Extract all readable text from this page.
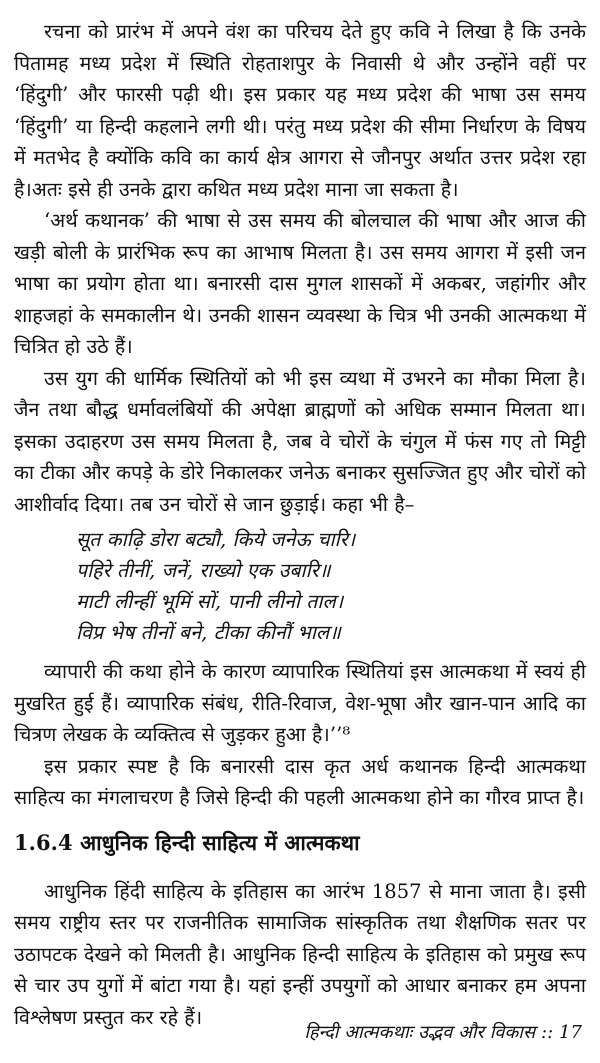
रचना को प्रारंभ में अपने वंश का परिचय देते हुए कवि ने लिखा है कि उनके पितामह मध्य प्रदेश में स्थिति रोहताशपुर के निवासी थे और उन्होंने वहीं पर ‘हिंदुगी’ और फारसी पढ़ी थी। इस प्रकार यह मध्य प्रदेश की भाषा उस समय ‘हिंदुगी’ या हिन्दी कहलाने लगी थी। परंतु मध्य प्रदेश की सीमा निर्धारण के विषय में मतभेद है क्योंकि कवि का कार्य क्षेत्र आगरा से जौनपुर अर्थात उत्तर प्रदेश रहा है।अतः इसे ही उनके द्वारा कथित मध्य प्रदेश माना जा सकता है।

‘अर्थ कथानक’ की भाषा से उस समय की बोलचाल की भाषा और आज की खड़ी बोली के प्रारंभिक रूप का आभाष मिलता है। उस समय आगरा में इसी जन भाषा का प्रयोग होता था। बनारसी दास मुगल शासकों में अकबर, जहांगीर और शाहजहां के समकालीन थे। उनकी शासन व्यवस्था के चित्र भी उनकी आत्मकथा में चित्रित हो उठे हैं।

उस युग की धार्मिक स्थितियों को भी इस व्यथा में उभरने का मौका मिला है। जैन तथा बौद्ध धर्मावलंबियों की अपेक्षा ब्राह्मणों को अधिक सम्मान मिलता था। इसका उदाहरण उस समय मिलता है, जब वे चोरों के चंगुल में फंस गए तो मिट्टी का टीका और कपड़े के डोरे निकालकर जनेऊ बनाकर सुसज्जित हुए और चोरों को आशीर्वाद दिया। तब उन चोरों से जान छुड़ाई। कहा भी है–

सूत काढ़ि डोरा बट्यौ, किये जनेऊ चारि।
पहिरे तीनीं, जनें, राख्यो एक उबारि॥
माटी लीन्हीं भूमिं सों, पानी लीनो ताल।
विप्र भेष तीनों बने, टीका कीनौं भाल॥

व्यापारी की कथा होने के कारण व्यापारिक स्थितियां इस आत्मकथा में स्वयं ही मुखरित हुई हैं। व्यापारिक संबंध, रीति-रिवाज, वेश-भूषा और खान-पान आदि का चित्रण लेखक के व्यक्तित्व से जुड़कर हुआ है।’’⁸

इस प्रकार स्पष्ट है कि बनारसी दास कृत अर्ध कथानक हिन्दी आत्मकथा साहित्य का मंगलाचरण है जिसे हिन्दी की पहली आत्मकथा होने का गौरव प्राप्त है।

1.6.4 आधुनिक हिन्दी साहित्य में आत्मकथा

आधुनिक हिंदी साहित्य के इतिहास का आरंभ 1857 से माना जाता है। इसी समय राष्ट्रीय स्तर पर राजनीतिक सामाजिक सांस्कृतिक तथा शैक्षणिक सतर पर उठापटक देखने को मिलती है। आधुनिक हिन्दी साहित्य के इतिहास को प्रमुख रूप से चार उप युगों में बांटा गया है। यहां इन्हीं उपयुगों को आधार बनाकर हम अपना विश्लेषण प्रस्तुत कर रहे हैं।

हिन्दी आत्मकथाः उद्भव और विकास :: 17
